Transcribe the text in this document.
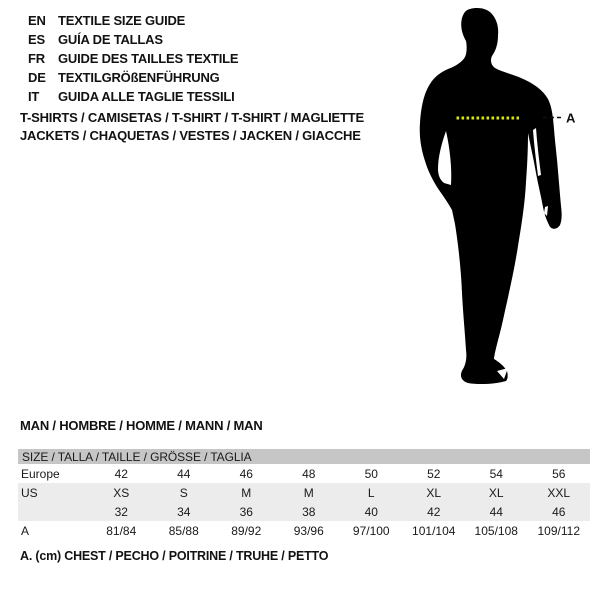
EN TEXTILE SIZE GUIDE
ES	GUÍA DE TALLAS
FR	GUIDE DES TAILLES TEXTILE
DE TEXTILGRÖßENFÜHRUNG
IT	GUIDA ALLE TAGLIE TESSILI
T-SHIRTS / CAMISETAS / T-SHIRT / T-SHIRT / MAGLIETTE
JACKETS / CHAQUETAS / VESTES / JACKEN / GIACCHE
A
MAN / HOMBRE / HOMME / MANN / MAN
SIZE / TALLA / TAILLE / GRÖSSE / TAGLIA								
Europe	42	44	46	48	50	52	54	56
US	XS	S	M	M	L	XL	XL	XXL
	32	34	36	38	40	42	44	46
A	81/84	85/88	89/92	93/96	97/100	101/104	105/108	109/112
A. (cm) CHEST / PECHO / POITRINE / TRUHE / PETTO
